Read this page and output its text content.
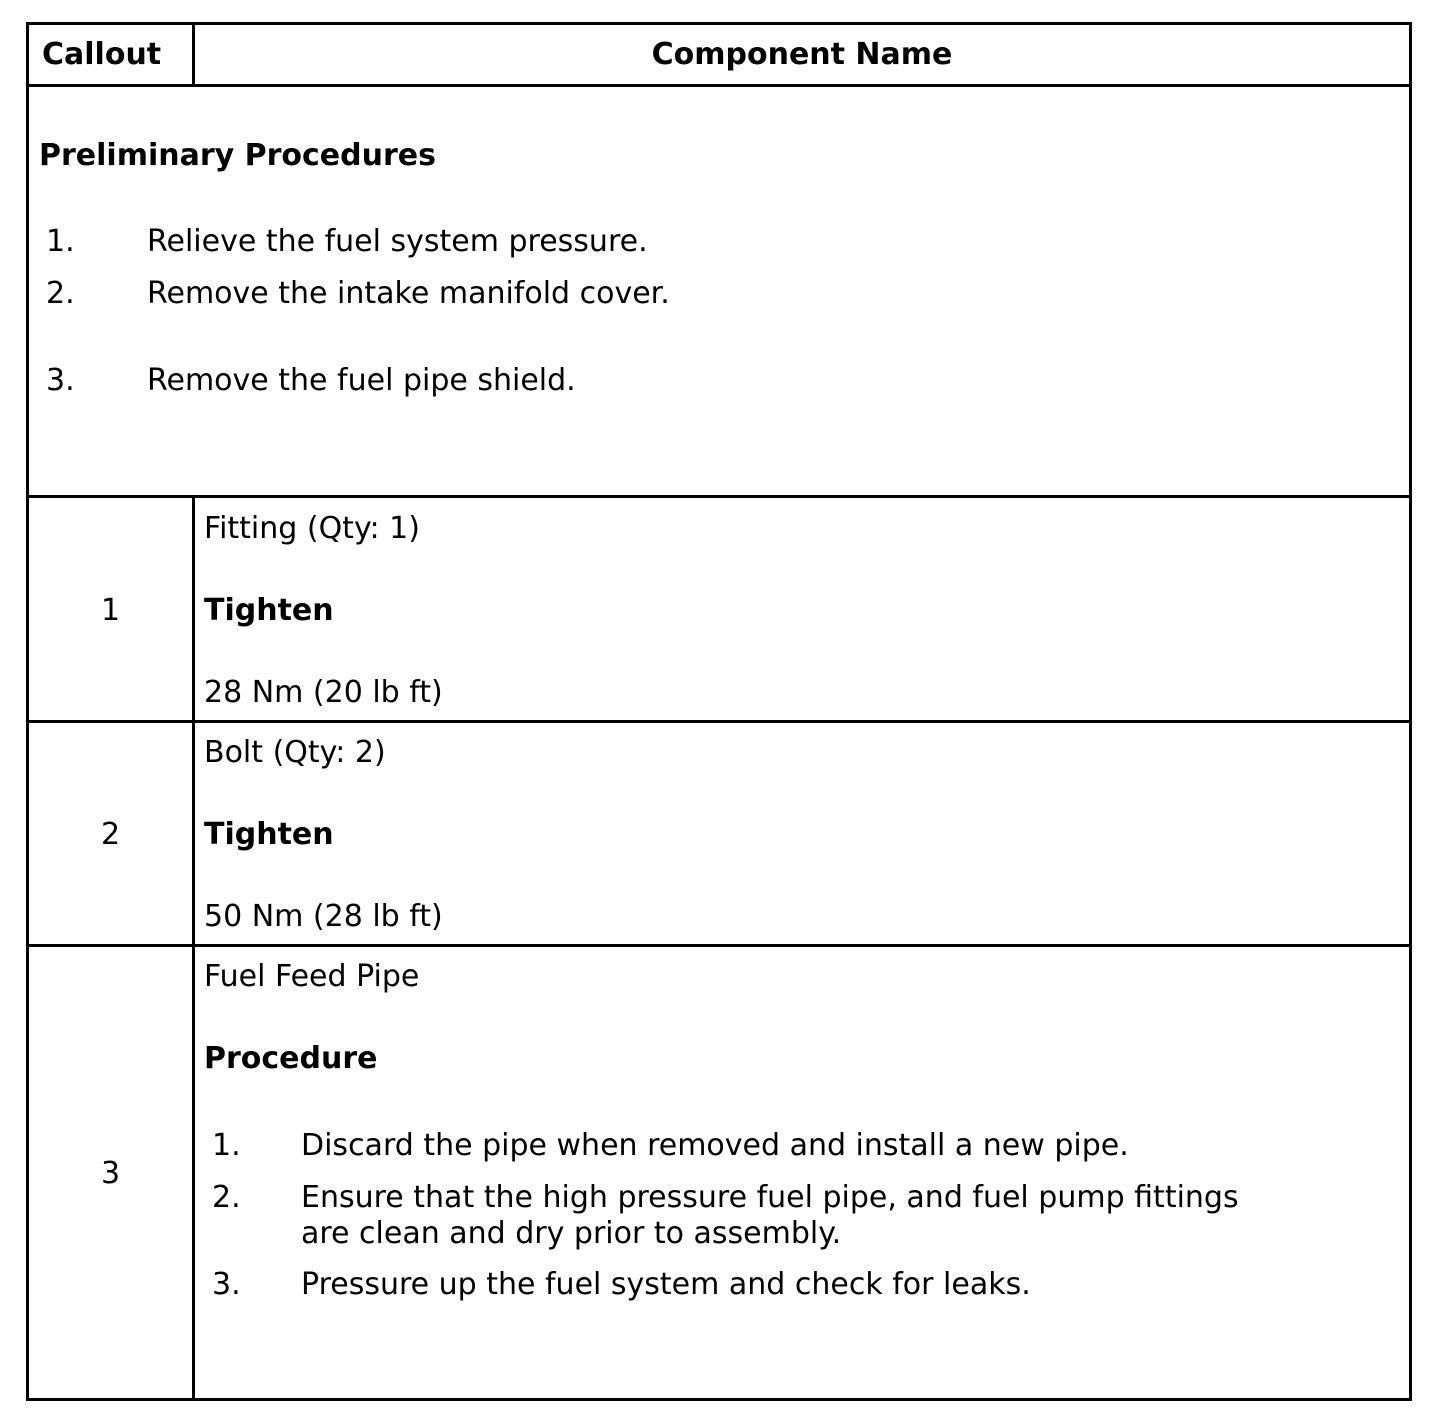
Callout	Component Name
Preliminary Procedures
1. Relieve the fuel system pressure.
2. Remove the intake manifold cover.
3. Remove the fuel pipe shield.
1
Fitting (Qty: 1)
Tighten
28 Nm (20 lb ft)
2
Bolt (Qty: 2)
Tighten
50 Nm (28 lb ft)
3
Fuel Feed Pipe
Procedure
1. Discard the pipe when removed and install a new pipe.
2. Ensure that the high pressure fuel pipe, and fuel pump fittings
are clean and dry prior to assembly.
3. Pressure up the fuel system and check for leaks.
